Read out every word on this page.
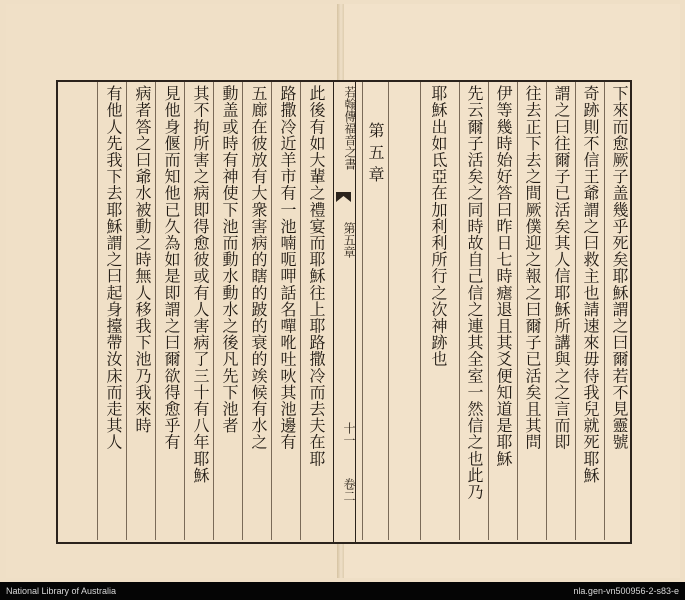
若翰傳福音之書
第五章
十一
卷二
下來而愈厥子盖幾乎死矣耶穌謂之曰爾若不見靈號
奇跡則不信王爺謂之曰救主也請速來毋待我兒就死耶穌
謂之曰往爾子已活矣其人信耶穌所講與之之言而即
往去正下去之間厥僕迎之報之曰爾子已活矣且其問
伊等幾時始好答曰昨日七時瘧退且其爻便知道是耶穌
先云爾子活矣之同時故自己信之連其全室一然信之也此乃
耶穌出如氐亞在加利利所行之次神跡也
第五章
此後有如大輩之禮宴而耶穌往上耶路撒冷而去夫在耶
路撒冷近羊市有一池喃呃呷話名嘽吪吐吙其池邊有
五廊在彼放有大衆害病的瞎的跛的衰的竢候有水之
動盖或時有神使下池而動水動水之後凡先下池者
其不拘所害之病即得愈彼或有人害病了三十有八年耶穌
見他身偃而知他已久為如是即謂之曰爾欲得愈乎有
病者答之曰爺水被動之時無人移我下池乃我來時
有他人先我下去耶穌謂之曰起身擡帶汝床而走其人
National Library of Australia	nla.gen-vn500956-2-s83-e
